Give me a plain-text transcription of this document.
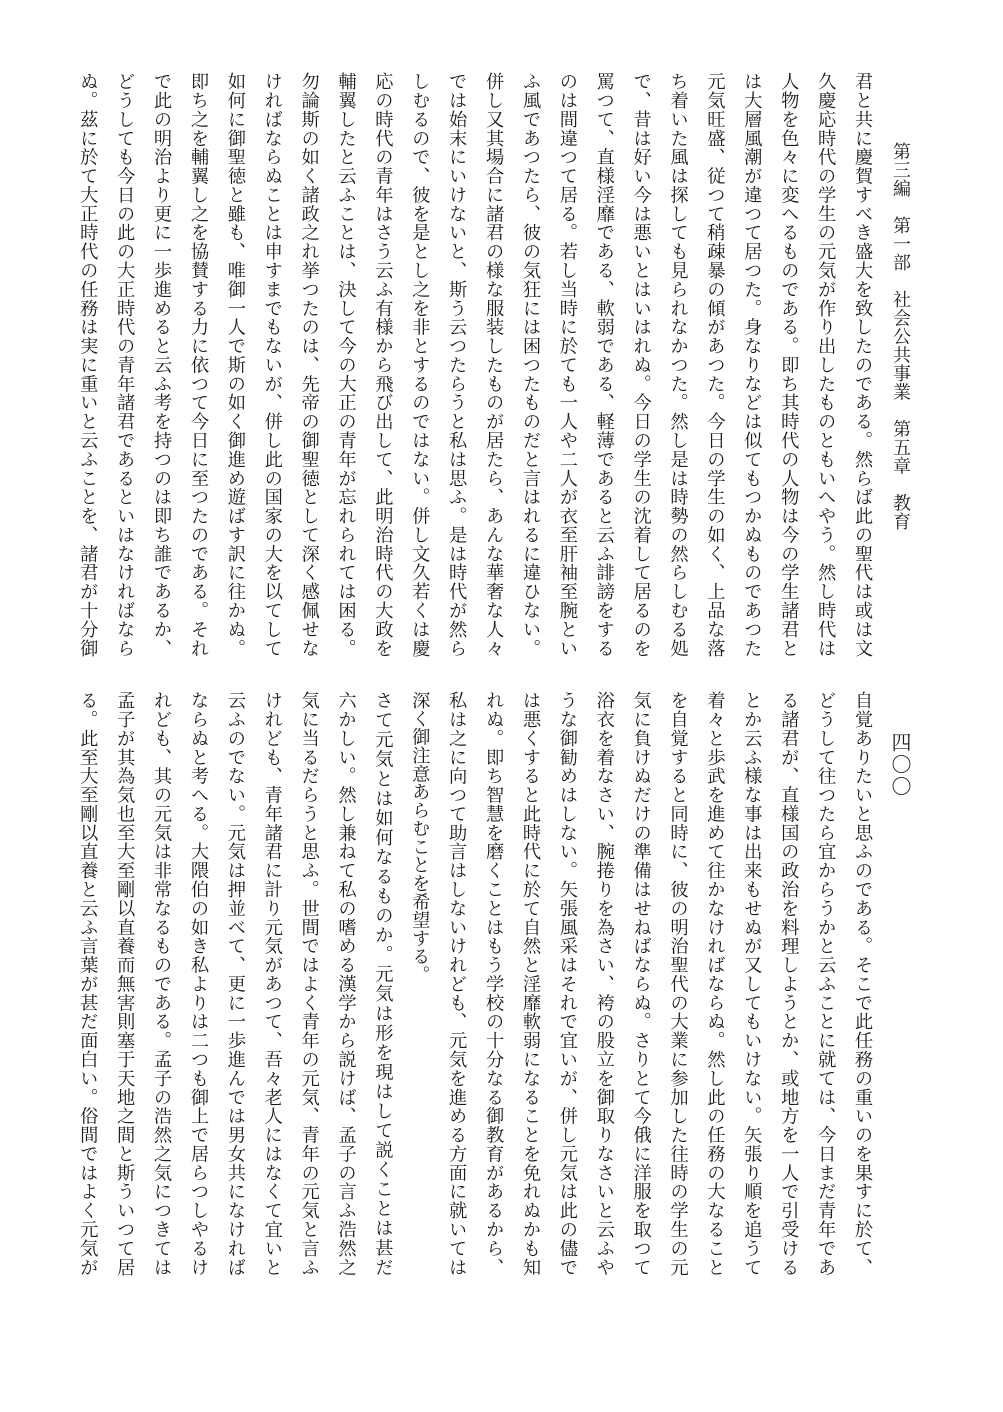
第三編　第一部　社会公共事業　第五章　教育
四〇〇
君と共に慶賀すべき盛大を致したのである。然らば此の聖代は或は文
久慶応時代の学生の元気が作り出したものともいへやう。然し時代は
人物を色々に変へるものである。即ち其時代の人物は今の学生諸君と
は大層風潮が違つて居つた。身なりなどは似てもつかぬものであつた
元気旺盛、従つて稍疎暴の傾があつた。今日の学生の如く、上品な落
ち着いた風は探しても見られなかつた。然し是は時勢の然らしむる処
で、昔は好い今は悪いとはいはれぬ。今日の学生の沈着して居るのを
罵つて、直様淫靡である、軟弱である、軽薄であると云ふ誹謗をする
のは間違つて居る。若し当時に於ても一人や二人が衣至肝袖至腕とい
ふ風であつたら、彼の気狂には困つたものだと言はれるに違ひない。
併し又其場合に諸君の様な服装したものが居たら、あんな華奢な人々
では始末にいけないと、斯う云つたらうと私は思ふ。是は時代が然ら
しむるので、彼を是とし之を非とするのではない。併し文久若くは慶
応の時代の青年はさう云ふ有様から飛び出して、此明治時代の大政を
輔翼したと云ふことは、決して今の大正の青年が忘れられては困る。
勿論斯の如く諸政之れ挙つたのは、先帝の御聖徳として深く感佩せな
ければならぬことは申すまでもないが、併し此の国家の大を以てして
如何に御聖徳と雖も、唯御一人で斯の如く御進め遊ばす訳に往かぬ。
即ち之を輔翼し之を協賛する力に依つて今日に至つたのである。それ
で此の明治より更に一歩進めると云ふ考を持つのは即ち誰であるか、
どうしても今日の此の大正時代の青年諸君であるといはなければなら
ぬ。茲に於て大正時代の任務は実に重いと云ふことを、諸君が十分御
自覚ありたいと思ふのである。そこで此任務の重いのを果すに於て、
どうして往つたら宜からうかと云ふことに就ては、今日まだ青年であ
る諸君が、直様国の政治を料理しようとか、或地方を一人で引受ける
とか云ふ様な事は出来もせぬが又してもいけない。矢張り順を追うて
着々と歩武を進めて往かなければならぬ。然し此の任務の大なること
を自覚すると同時に、彼の明治聖代の大業に参加した往時の学生の元
気に負けぬだけの準備はせねばならぬ。さりとて今俄に洋服を取つて
浴衣を着なさい、腕捲りを為さい、袴の股立を御取りなさいと云ふや
うな御勧めはしない。矢張風采はそれで宜いが、併し元気は此の儘で
は悪くすると此時代に於て自然と淫靡軟弱になることを免れぬかも知
れぬ。即ち智慧を磨くことはもう学校の十分なる御教育があるから、
私は之に向つて助言はしないけれども、元気を進める方面に就いては
深く御注意あらむことを希望する。
さて元気とは如何なるものか。元気は形を現はして説くことは甚だ
六かしい。然し兼ねて私の嗜める漢学から説けば、孟子の言ふ浩然之
気に当るだらうと思ふ。世間ではよく青年の元気、青年の元気と言ふ
けれども、青年諸君に計り元気があつて、吾々老人にはなくて宜いと
云ふのでない。元気は押並べて、更に一歩進んでは男女共になければ
ならぬと考へる。大隈伯の如き私よりは二つも御上で居らつしやるけ
れども、其の元気は非常なるものである。孟子の浩然之気につきては
孟子が其為気也至大至剛以直養而無害則塞于天地之間と斯ういつて居
る。此至大至剛以直養と云ふ言葉が甚だ面白い。俗間ではよく元気が
